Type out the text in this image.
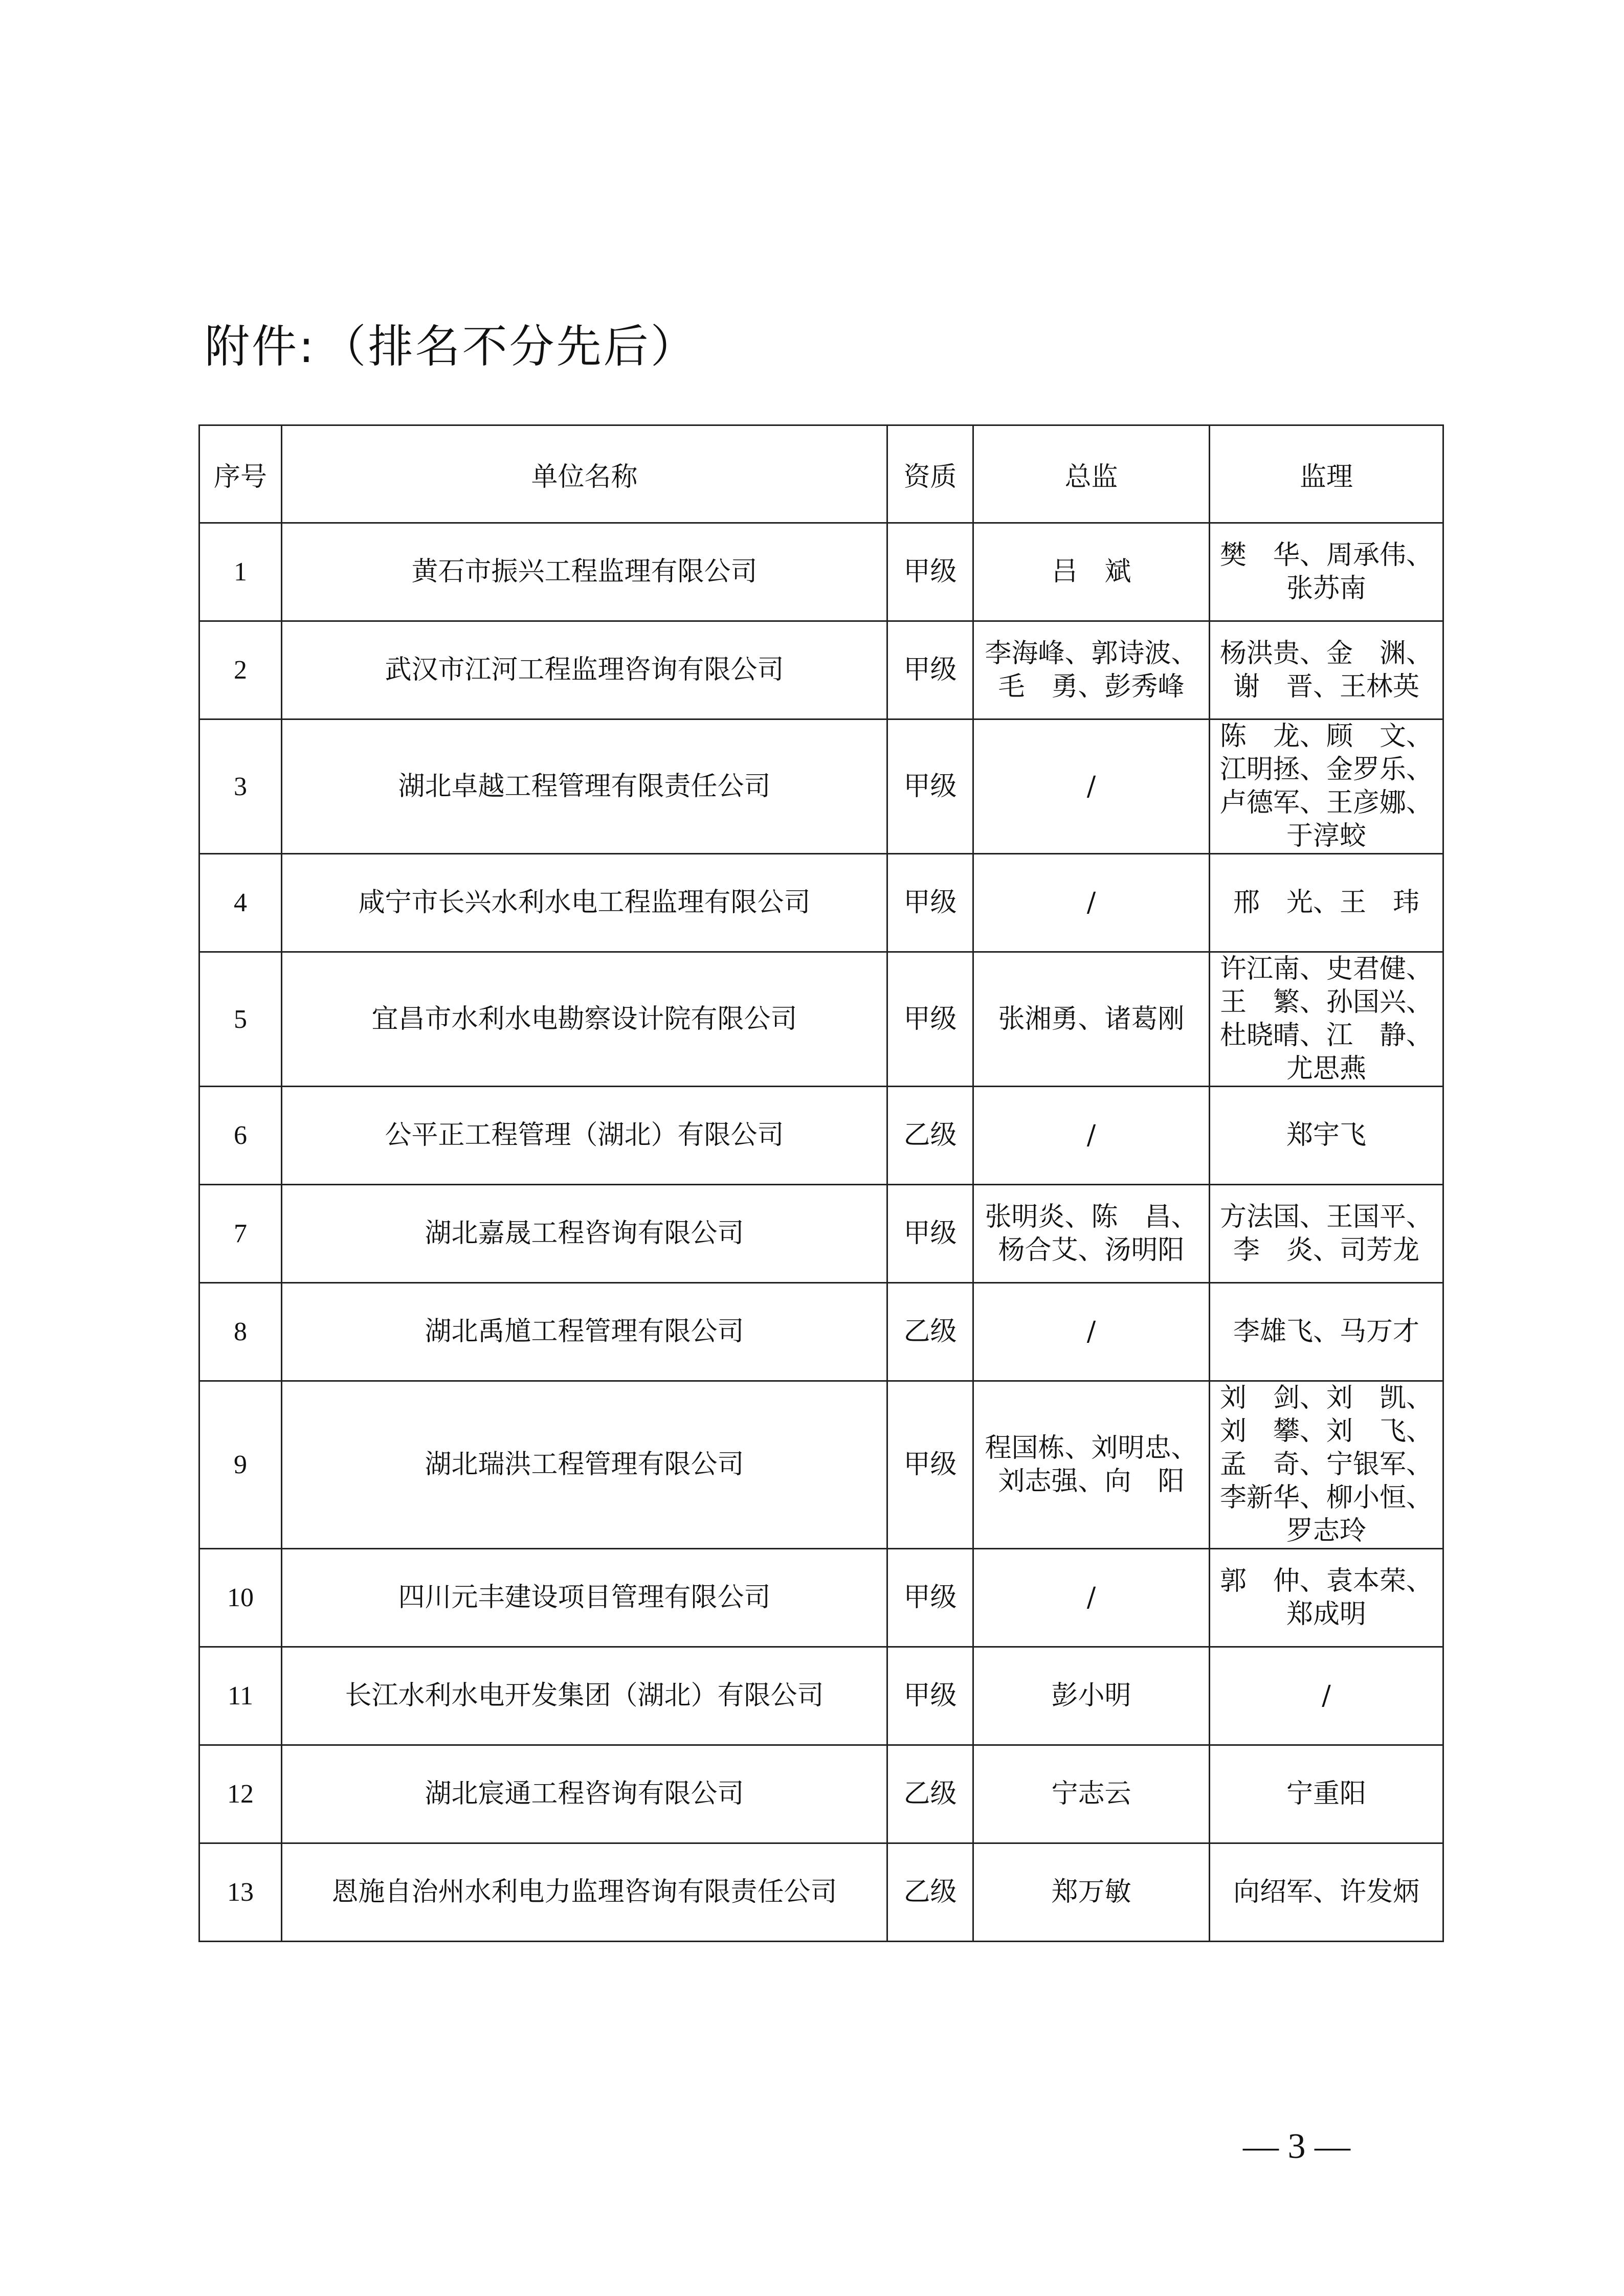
附件: （排名不分先后）
序号	单位名称	资质	总监	监理
1	黄石市振兴工程监理有限公司	甲级	吕　斌	樊　华、周承伟、
张苏南

2	武汉市江河工程监理咨询有限公司	甲级	李海峰、郭诗波、
毛　勇、彭秀峰	杨洪贵、金　渊、
谢　晋、王林英

3	湖北卓越工程管理有限责任公司	甲级	/	陈　龙、顾　文、
江明拯、金罗乐、
卢德军、王彦娜、
于淳蛟

4	咸宁市长兴水利水电工程监理有限公司	甲级	/	邢　光、王　玮

5	宜昌市水利水电勘察设计院有限公司	甲级	张湘勇、诸葛刚	许江南、史君健、
王　繁、孙国兴、
杜晓晴、江　静、
尤思燕

6	公平正工程管理（湖北）有限公司	乙级	/	郑宇飞

7	湖北嘉晟工程咨询有限公司	甲级	张明炎、陈　昌、
杨合艾、汤明阳	方法国、王国平、
李　炎、司芳龙

8	湖北禹馗工程管理有限公司	乙级	/	李雄飞、马万才

9	湖北瑞洪工程管理有限公司	甲级	程国栋、刘明忠、
刘志强、向　阳	刘　剑、刘　凯、
刘　攀、刘　飞、
孟　奇、宁银军、
李新华、柳小恒、
罗志玲

10	四川元丰建设项目管理有限公司	甲级	/	郭　仲、袁本荣、
郑成明

11	长江水利水电开发集团（湖北）有限公司	甲级	彭小明	/

12	湖北宸通工程咨询有限公司	乙级	宁志云	宁重阳

13	恩施自治州水利电力监理咨询有限责任公司	乙级	郑万敏	向绍军、许发炳
— 3 —
